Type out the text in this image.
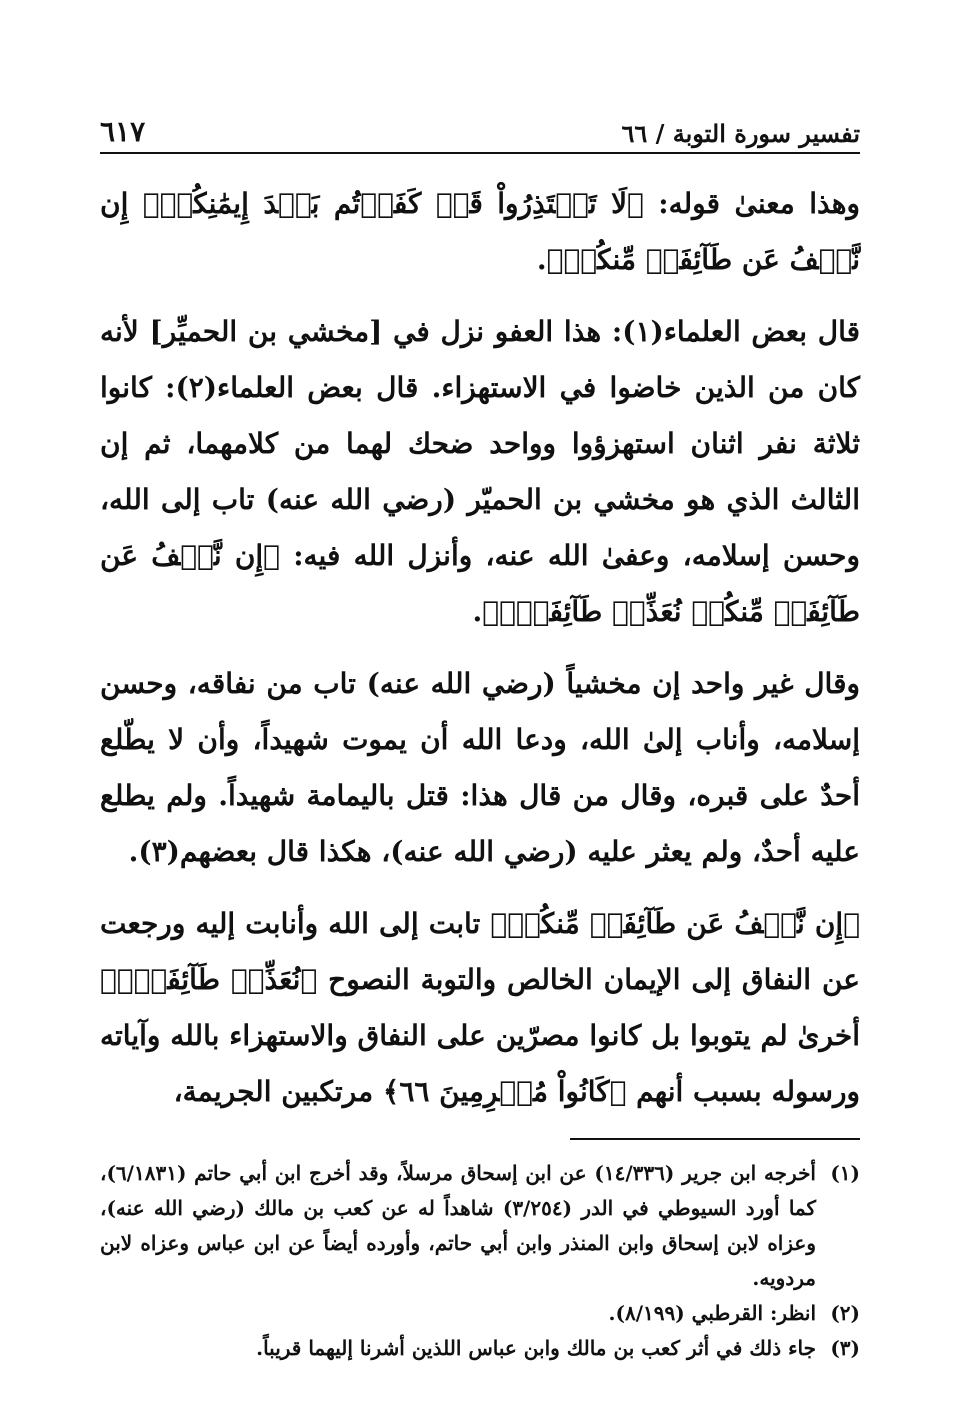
تفسير سورة التوبة / ٦٦
٦١٧

وهذا معنىٰ قوله: ﴿لَا تَعۡتَذِرُواْ قَدۡ كَفَرۡتُم بَعۡدَ إِيمَٰنِكُمۡۚ إِن نَّعۡفُ عَن طَآئِفَةٖ مِّنكُمۡ﴾.

قال بعض العلماء(١): هذا العفو نزل في [مخشي بن الحميِّر] لأنه كان من الذين خاضوا في الاستهزاء. قال بعض العلماء(٢): كانوا ثلاثة نفر اثنان استهزؤوا وواحد ضحك لهما من كلامهما، ثم إن الثالث الذي هو مخشي بن الحميّر (رضي الله عنه) تاب إلى الله، وحسن إسلامه، وعفىٰ الله عنه، وأنزل الله فيه: ﴿إِن نَّعۡفُ عَن طَآئِفَةٖ مِّنكُمۡ نُعَذِّبۡ طَآئِفَةَۢ﴾.

وقال غير واحد إن مخشياً (رضي الله عنه) تاب من نفاقه، وحسن إسلامه، وأناب إلىٰ الله، ودعا الله أن يموت شهيداً، وأن لا يطّلع أحدٌ على قبره، وقال من قال هذا: قتل باليمامة شهيداً. ولم يطلع عليه أحدٌ، ولم يعثر عليه (رضي الله عنه)، هكذا قال بعضهم(٣).

﴿إِن نَّعۡفُ عَن طَآئِفَةٖ مِّنكُمۡ﴾ تابت إلى الله وأنابت إليه ورجعت عن النفاق إلى الإيمان الخالص والتوبة النصوح ﴿نُعَذِّبۡ طَآئِفَةَۢ﴾ أخرىٰ لم يتوبوا بل كانوا مصرّين على النفاق والاستهزاء بالله وآياته ورسوله بسبب أنهم ﴿كَانُواْ مُجۡرِمِينَ ٦٦﴾ مرتكبين الجريمة،

(١)
أخرجه ابن جرير (١٤/٣٣٦) عن ابن إسحاق مرسلاً، وقد أخرج ابن أبي حاتم (٦/١٨٣١)، كما أورد السيوطي في الدر (٣/٢٥٤) شاهداً له عن كعب بن مالك (رضي الله عنه)، وعزاه لابن إسحاق وابن المنذر وابن أبي حاتم، وأورده أيضاً عن ابن عباس وعزاه لابن مردويه.
(٢)
انظر: القرطبي (٨/١٩٩).
(٣)
جاء ذلك في أثر كعب بن مالك وابن عباس اللذين أشرنا إليهما قريباً.
